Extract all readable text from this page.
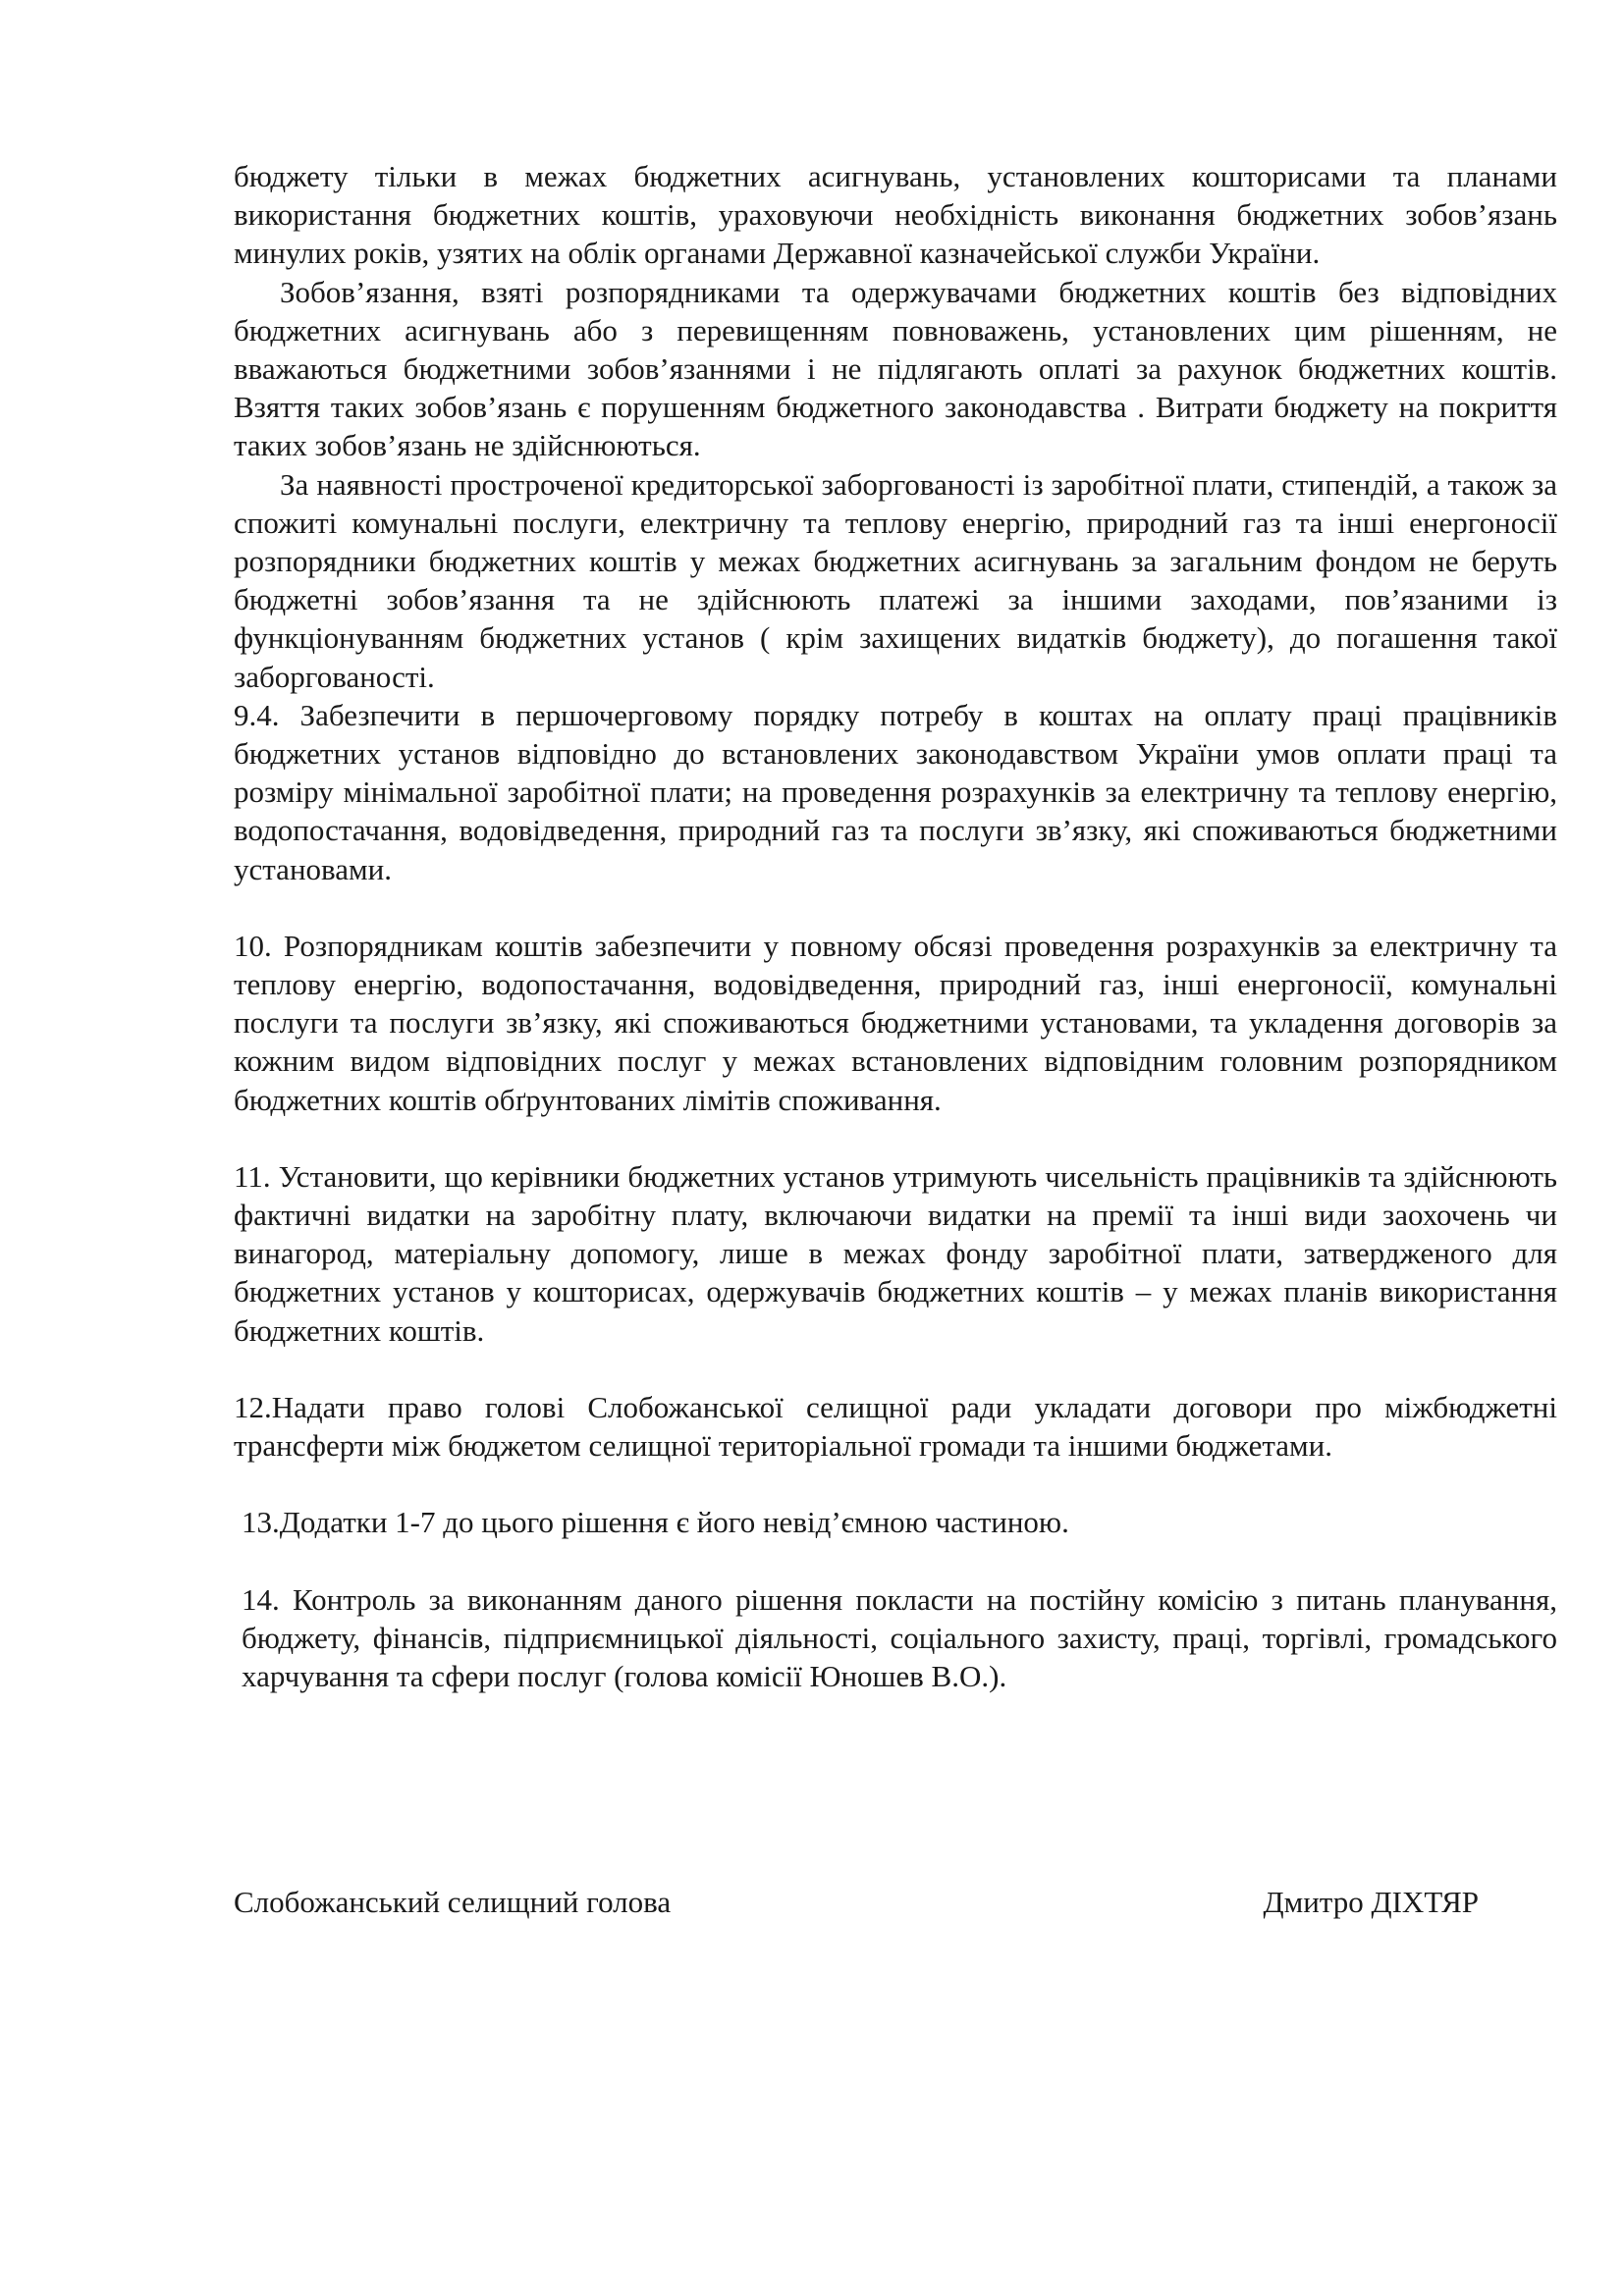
бюджету тільки в межах бюджетних асигнувань, установлених кошторисами та планами використання бюджетних коштів, ураховуючи необхідність виконання бюджетних зобов’язань минулих років, узятих на облік органами Державної казначейської служби України.

Зобов’язання, взяті розпорядниками та одержувачами бюджетних коштів без відповідних бюджетних асигнувань або з перевищенням повноважень, установлених цим рішенням, не вважаються бюджетними зобов’язаннями і не підлягають оплаті за рахунок бюджетних коштів. Взяття таких зобов’язань є порушенням бюджетного законодавства . Витрати бюджету на покриття таких зобов’язань не здійснюються.

За наявності простроченої кредиторської заборгованості із заробітної плати, стипендій, а також за спожиті комунальні послуги, електричну та теплову енергію, природний газ та інші енергоносії розпорядники бюджетних коштів у межах бюджетних асигнувань за загальним фондом не беруть бюджетні зобов’язання та не здійснюють платежі за іншими заходами, пов’язаними із функціонуванням бюджетних установ ( крім захищених видатків бюджету), до погашення такої заборгованості.

9.4. Забезпечити в першочерговому порядку потребу в коштах на оплату праці працівників бюджетних установ відповідно до встановлених законодавством України умов оплати праці та розміру мінімальної заробітної плати; на проведення розрахунків за електричну та теплову енергію, водопостачання, водовідведення, природний газ та послуги зв’язку, які споживаються бюджетними установами.

10. Розпорядникам коштів забезпечити у повному обсязі проведення розрахунків за електричну та теплову енергію, водопостачання, водовідведення, природний газ, інші енергоносії, комунальні послуги та послуги зв’язку, які споживаються бюджетними установами, та укладення договорів за кожним видом відповідних послуг у межах встановлених відповідним головним розпорядником бюджетних коштів обґрунтованих лімітів споживання.

11. Установити, що керівники бюджетних установ утримують чисельність працівників та здійснюють фактичні видатки на заробітну плату, включаючи видатки на премії та інші види заохочень чи винагород, матеріальну допомогу, лише в межах фонду заробітної плати, затвердженого для бюджетних установ у кошторисах, одержувачів бюджетних коштів – у межах планів використання бюджетних коштів.

12.Надати право голові Слобожанської селищної ради укладати договори про міжбюджетні трансферти між бюджетом селищної територіальної громади та іншими бюджетами.

13.Додатки 1-7 до цього рішення є його невід’ємною частиною.

14. Контроль за виконанням даного рішення покласти на постійну комісію з питань планування, бюджету, фінансів, підприємницької діяльності, соціального захисту, праці, торгівлі, громадського харчування та сфери послуг (голова комісії Юношев В.О.).

Слобожанський селищний голова	Дмитро ДІХТЯР
